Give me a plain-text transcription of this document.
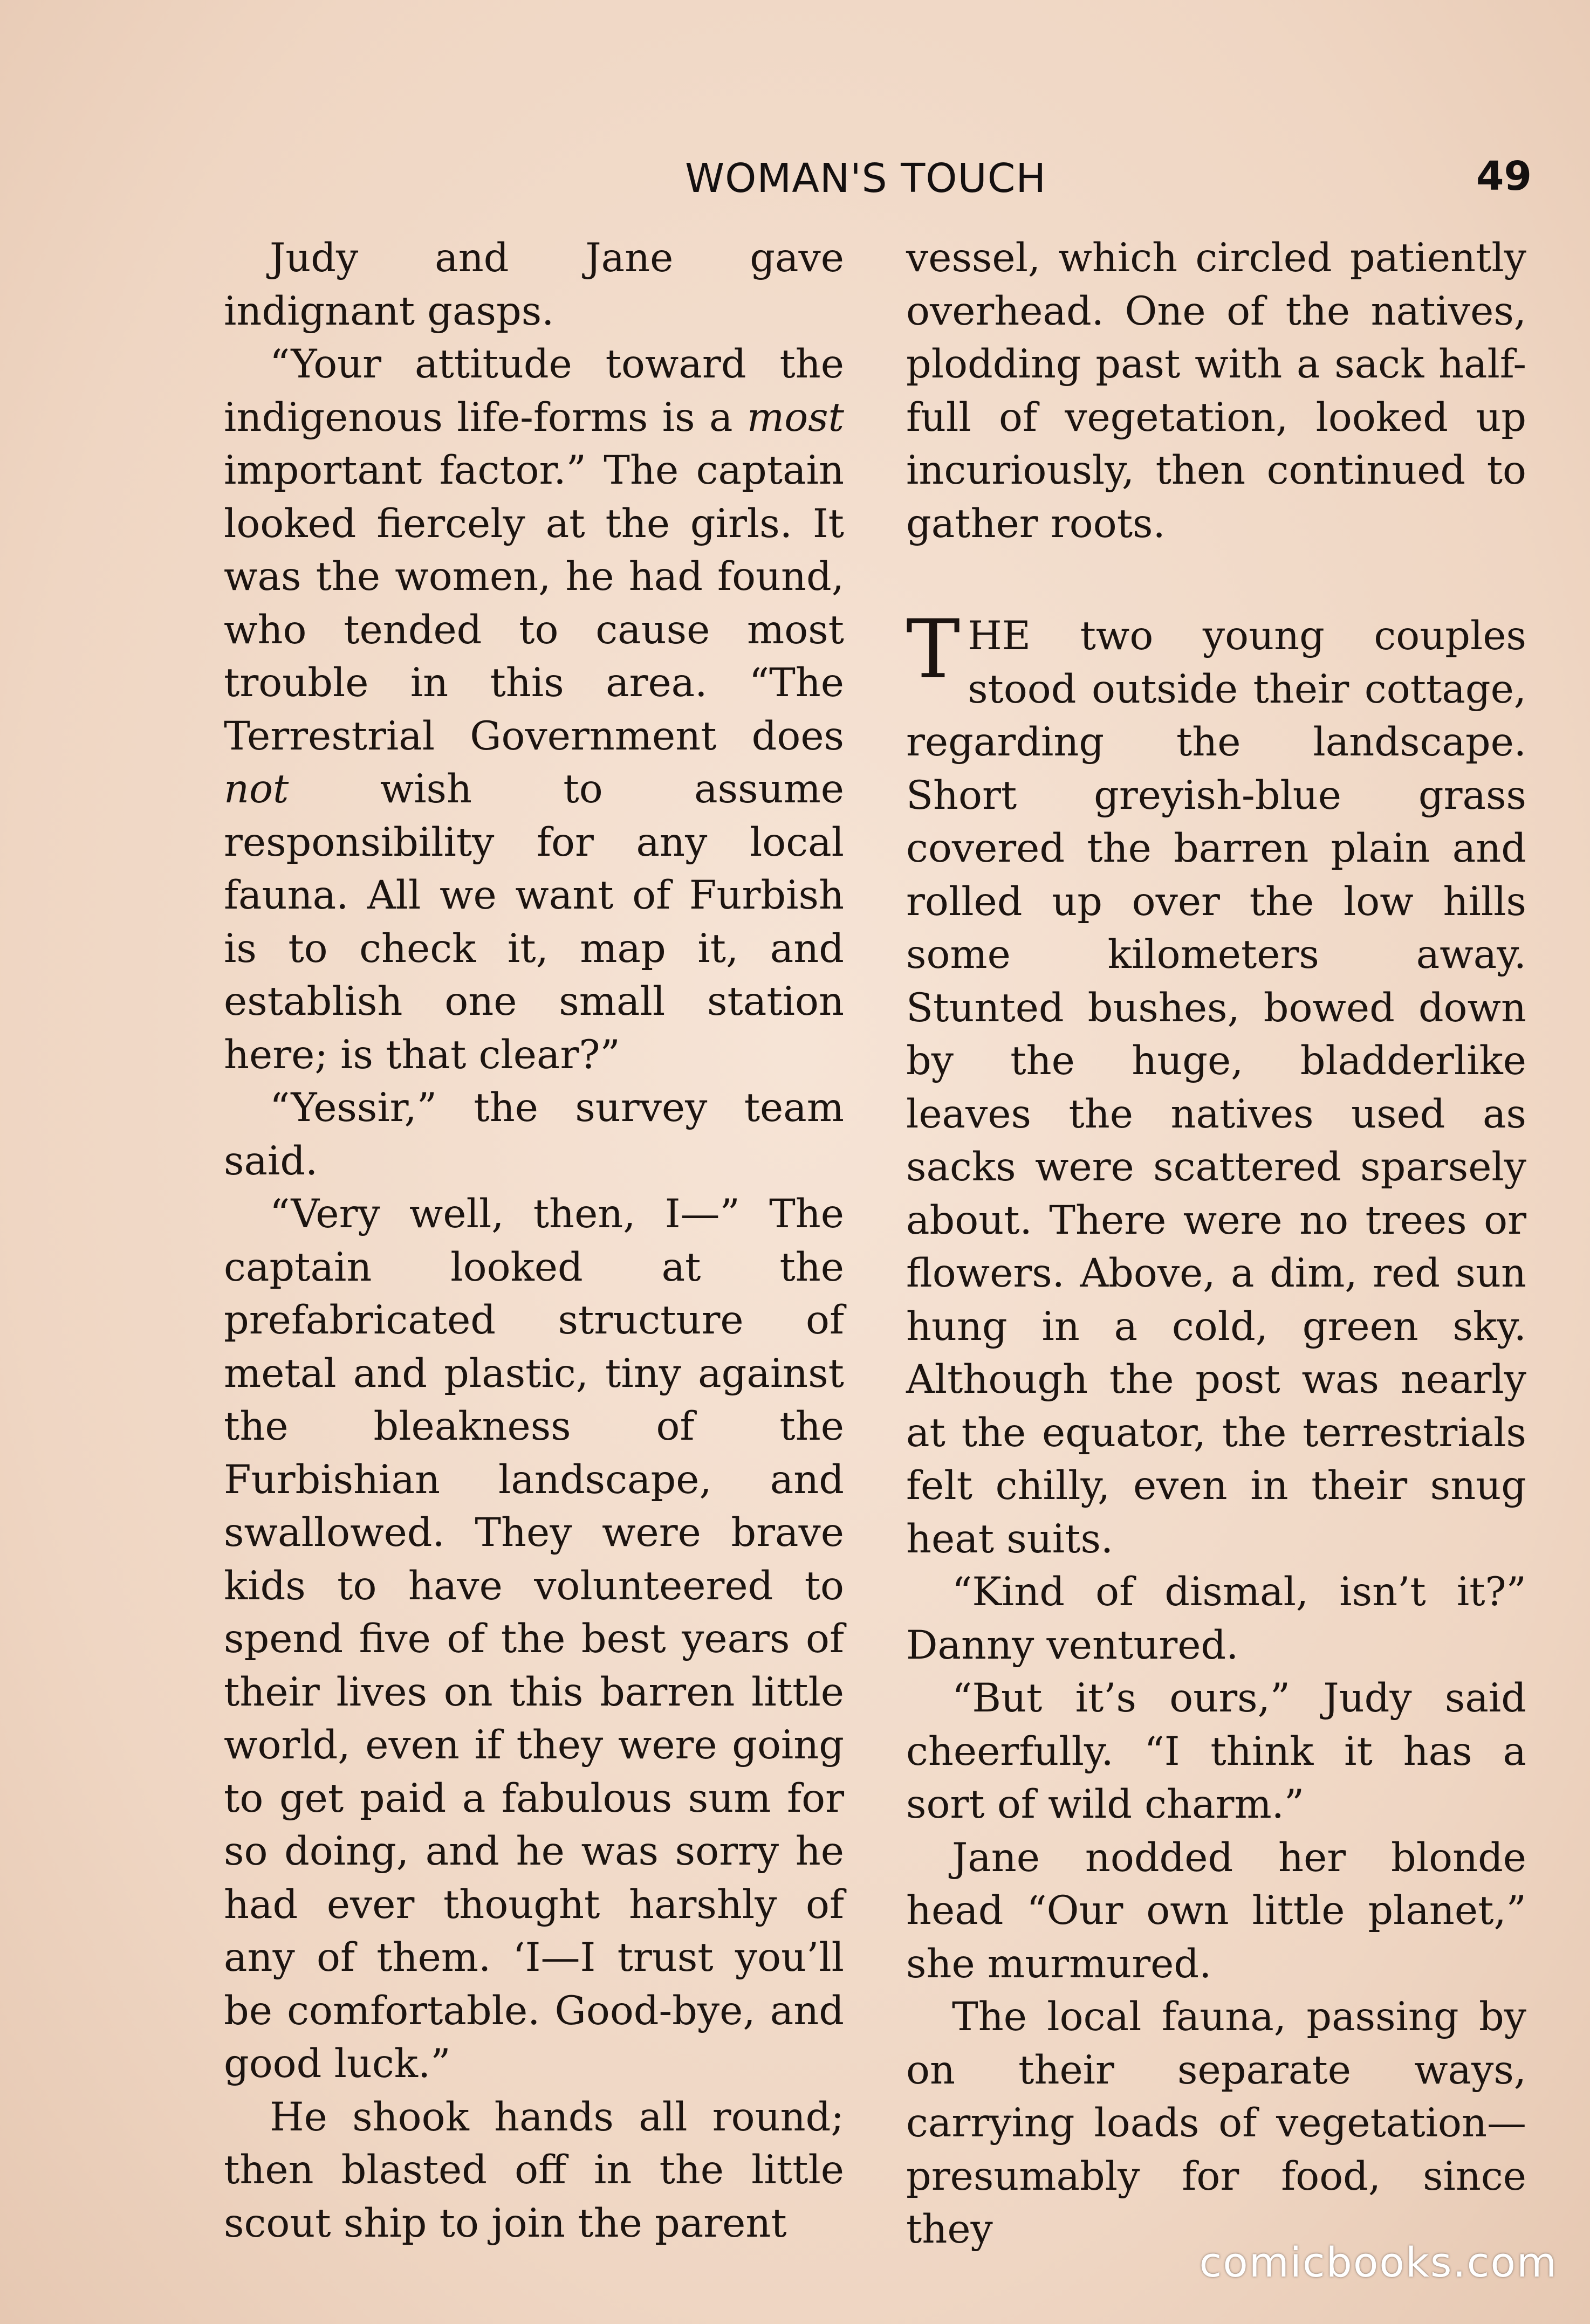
WOMAN'S TOUCH	49

Judy and Jane gave indignant gasps.

“Your attitude toward the indigenous life-forms is a most important factor.” The captain looked fiercely at the girls. It was the women, he had found, who tended to cause most trouble in this area. “The Terrestrial Government does not wish to assume responsibility for any local fauna. All we want of Furbish is to check it, map it, and establish one small station here; is that clear?”

“Yessir,” the survey team said.

“Very well, then, I—” The captain looked at the prefabricated structure of metal and plastic, tiny against the bleakness of the Furbishian landscape, and swallowed. They were brave kids to have volunteered to spend five of the best years of their lives on this barren little world, even if they were going to get paid a fabulous sum for so doing, and he was sorry he had ever thought harshly of any of them. ‘I—I trust you’ll be comfortable. Good-bye, and good luck.”

He shook hands all round; then blasted off in the little scout ship to join the parent

vessel, which circled patiently overhead. One of the natives, plodding past with a sack half-full of vegetation, looked up incuriously, then continued to gather roots.

THE two young couples stood outside their cottage, regarding the landscape. Short greyish-blue grass covered the barren plain and rolled up over the low hills some kilometers away. Stunted bushes, bowed down by the huge, bladderlike leaves the natives used as sacks were scattered sparsely about. There were no trees or flowers. Above, a dim, red sun hung in a cold, green sky. Although the post was nearly at the equator, the terrestrials felt chilly, even in their snug heat suits.

“Kind of dismal, isn’t it?” Danny ventured.

“But it’s ours,” Judy said cheerfully. “I think it has a sort of wild charm.”

Jane nodded her blonde head “Our own little planet,” she murmured.

The local fauna, passing by on their separate ways, carrying loads of vegetation—presumably for food, since they

comicbooks.com
